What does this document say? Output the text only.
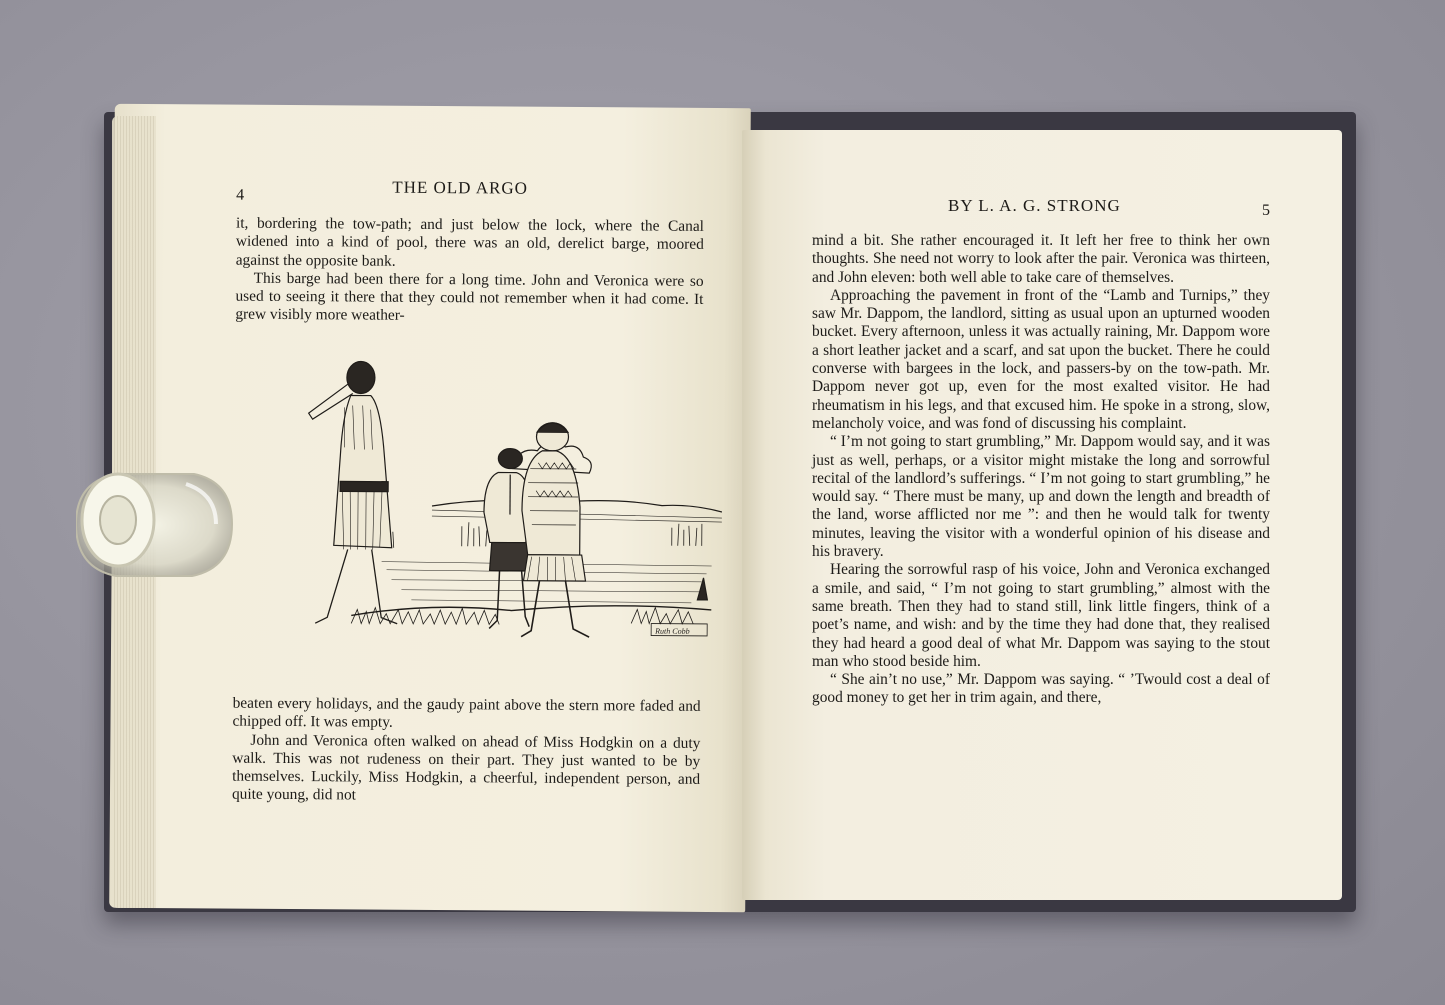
4	THE OLD ARGO

it, bordering the tow-path; and just below the lock, where the Canal widened into a kind of pool, there was an old, derelict barge, moored against the opposite bank.

This barge had been there for a long time. John and Veronica were so used to seeing it there that they could not remember when it had come. It grew visibly more weather-

Ruth Cobb

beaten every holidays, and the gaudy paint above the stern more faded and chipped off. It was empty.

John and Veronica often walked on ahead of Miss Hodgkin on a duty walk. This was not rudeness on their part. They just wanted to be by themselves. Luckily, Miss Hodgkin, a cheerful, independent person, and quite young, did not

BY L. A. G. STRONG	5

mind a bit. She rather encouraged it. It left her free to think her own thoughts. She need not worry to look after the pair. Veronica was thirteen, and John eleven: both well able to take care of themselves.

Approaching the pavement in front of the “Lamb and Turnips,” they saw Mr. Dappom, the landlord, sitting as usual upon an upturned wooden bucket. Every afternoon, unless it was actually raining, Mr. Dappom wore a short leather jacket and a scarf, and sat upon the bucket. There he could converse with bargees in the lock, and passers-by on the tow-path. Mr. Dappom never got up, even for the most exalted visitor. He had rheumatism in his legs, and that excused him. He spoke in a strong, slow, melancholy voice, and was fond of discussing his complaint.

“ I’m not going to start grumbling,” Mr. Dappom would say, and it was just as well, perhaps, or a visitor might mistake the long and sorrowful recital of the landlord’s sufferings. “ I’m not going to start grumbling,” he would say. “ There must be many, up and down the length and breadth of the land, worse afflicted nor me ”: and then he would talk for twenty minutes, leaving the visitor with a wonderful opinion of his disease and his bravery.

Hearing the sorrowful rasp of his voice, John and Veronica exchanged a smile, and said, “ I’m not going to start grumbling,” almost with the same breath. Then they had to stand still, link little fingers, think of a poet’s name, and wish: and by the time they had done that, they realised they had heard a good deal of what Mr. Dappom was saying to the stout man who stood beside him.

“ She ain’t no use,” Mr. Dappom was saying. “ ’Twould cost a deal of good money to get her in trim again, and there,
